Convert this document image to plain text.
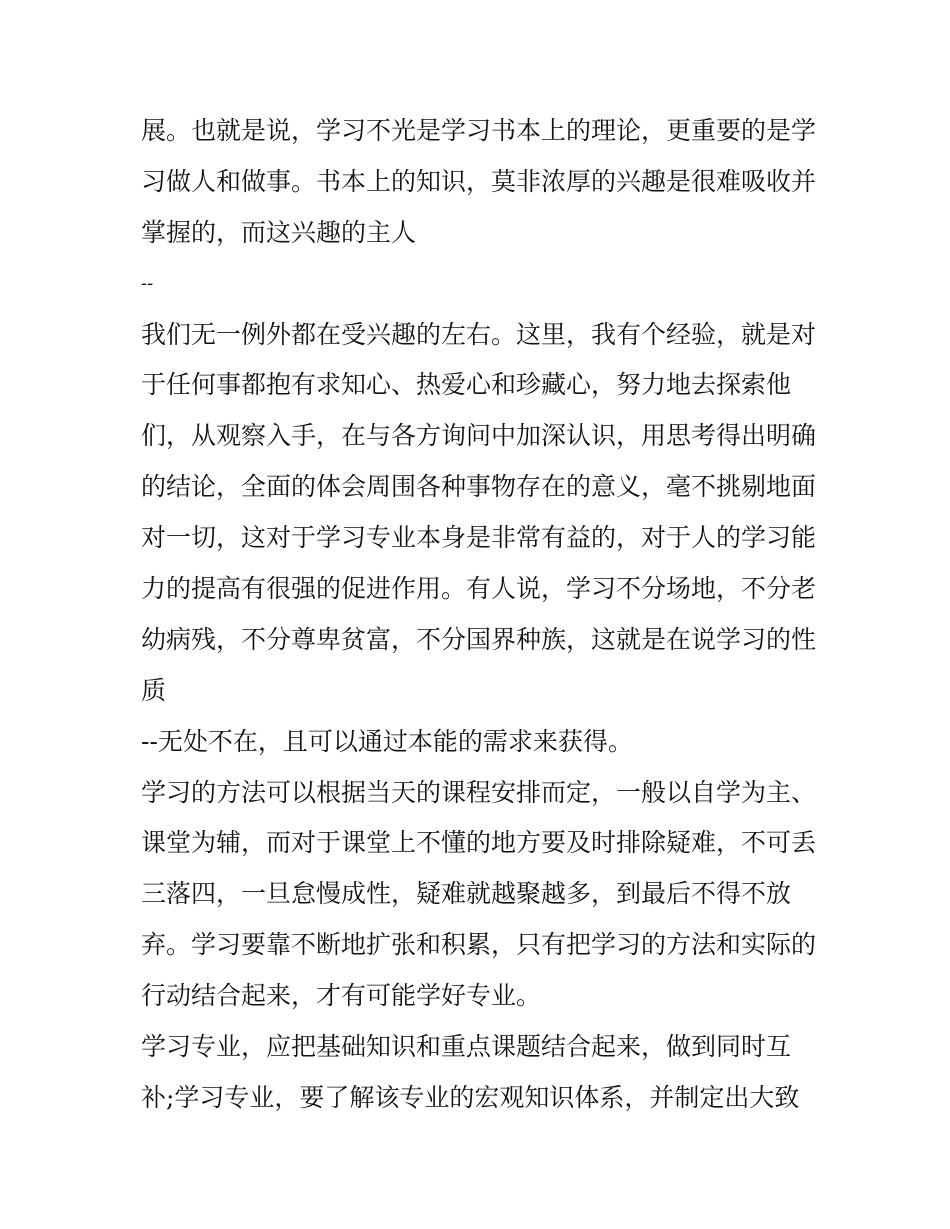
展。也就是说，学习不光是学习书本上的理论，更重要的是学
习做人和做事。书本上的知识，莫非浓厚的兴趣是很难吸收并
掌握的，而这兴趣的主人
--
我们无一例外都在受兴趣的左右。这里，我有个经验，就是对
于任何事都抱有求知心、热爱心和珍藏心，努力地去探索他
们，从观察入手，在与各方询问中加深认识，用思考得出明确
的结论，全面的体会周围各种事物存在的意义，毫不挑剔地面
对一切，这对于学习专业本身是非常有益的，对于人的学习能
力的提高有很强的促进作用。有人说，学习不分场地，不分老
幼病残，不分尊卑贫富，不分国界种族，这就是在说学习的性
质
--无处不在，且可以通过本能的需求来获得。
学习的方法可以根据当天的课程安排而定，一般以自学为主、
课堂为辅，而对于课堂上不懂的地方要及时排除疑难，不可丢
三落四，一旦怠慢成性，疑难就越聚越多，到最后不得不放
弃。学习要靠不断地扩张和积累，只有把学习的方法和实际的
行动结合起来，才有可能学好专业。
学习专业，应把基础知识和重点课题结合起来，做到同时互
补;学习专业，要了解该专业的宏观知识体系，并制定出大致
